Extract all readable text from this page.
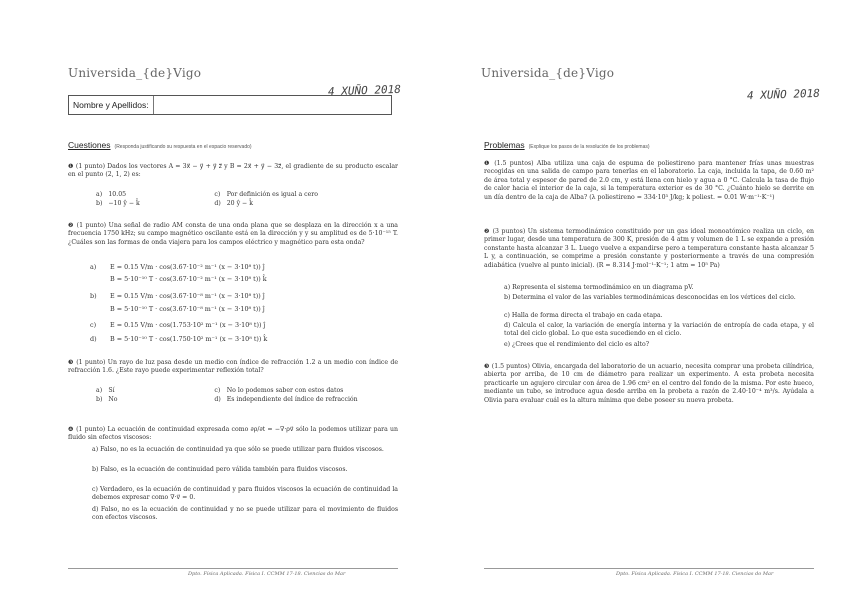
Universida_{de}Vigo
4 XUÑO 2018
Nombre y Apellidos:
Cuestiones (Responda justificando su respuesta en el espacio reservado)
❶ (1 punto) Dados los vectores A = 3x⃗ − y⃗ + y⃗ z⃗ y B = 2x⃗ + y⃗ − 3z⃗, el gradiente de su producto escalar en el punto (2, 1, 2) es:
a)	10.05	c)	Por definición es igual a cero
b)	−10 ŷ − k̂	d)	20 ŷ − k̂
❷ (1 punto) Una señal de radio AM consta de una onda plana que se desplaza en la dirección x a una frecuencia 1750 kHz; su campo magnético oscilante está en la dirección y y su amplitud es de 5·10⁻¹⁵ T. ¿Cuáles son las formas de onda viajera para los campos eléctrico y magnético para esta onda?
a) E = 0.15 V/m · cos(3.67·10⁻² m⁻¹ (x − 3·10⁸ t)) ĵ
B = 5·10⁻¹⁰ T · cos(3.67·10⁻² m⁻¹ (x − 3·10⁸ t)) k̂
b) E = 0.15 V/m · cos(3.67·10⁻⁸ m⁻¹ (x − 3·10⁸ t)) ĵ
B = 5·10⁻¹⁰ T · cos(3.67·10⁻⁸ m⁻¹ (x − 3·10⁸ t)) ĵ
c) E = 0.15 V/m · cos(1.753·10² m⁻¹ (x − 3·10⁸ t)) ĵ
d) B = 5·10⁻¹⁰ T · cos(1.750·10² m⁻¹ (x − 3·10⁸ t)) k̂
❸ (1 punto) Un rayo de luz pasa desde un medio con índice de refracción 1.2 a un medio con índice de refracción 1.6. ¿Este rayo puede experimentar reflexión total?
a)	Sí	c)	No lo podemos saber con estos datos
b)	No	d)	Es independiente del índice de refracción
❹ (1 punto) La ecuación de continuidad expresada como ∂ρ/∂t = −∇·ρv⃗ sólo la podemos utilizar para un fluido sin efectos viscosos:
a) Falso, no es la ecuación de continuidad ya que sólo se puede utilizar para fluidos viscosos.
b) Falso, es la ecuación de continuidad pero válida también para fluidos viscosos.
c) Verdadero, es la ecuación de continuidad y para fluidos viscosos la ecuación de continuidad la debemos expresar como ∇·v⃗ = 0.
d) Falso, no es la ecuación de continuidad y no se puede utilizar para el movimiento de fluidos con efectos viscosos.
Dpto. Física Aplicada. Física I. CCMM 17-18. Ciencias do Mar
Universida_{de}Vigo
4 XUÑO 2018
Problemas (Explique los pasos de la resolución de los problemas)
❶ (1.5 puntos) Alba utiliza una caja de espuma de poliestireno para mantener frías unas muestras recogidas en una salida de campo para tenerlas en el laboratorio. La caja, incluida la tapa, de 0.60 m² de área total y espesor de pared de 2.0 cm, y está llena con hielo y agua a 0 °C. Calcula la tasa de flujo de calor hacia el interior de la caja, si la temperatura exterior es de 30 °C. ¿Cuánto hielo se derrite en un día dentro de la caja de Alba? (λ poliestireno = 334·10³ J/kg; k poliest. = 0.01 W·m⁻¹·K⁻¹)
❷ (3 puntos) Un sistema termodinámico constituido por un gas ideal monoatómico realiza un ciclo, en primer lugar, desde una temperatura de 300 K, presión de 4 atm y volumen de 1 L se expande a presión constante hasta alcanzar 3 L. Luego vuelve a expandirse pero a temperatura constante hasta alcanzar 5 L y, a continuación, se comprime a presión constante y posteriormente a través de una compresión adiabática (vuelve al punto inicial). (R = 8.314 J·mol⁻¹·K⁻¹; 1 atm = 10⁵ Pa)
a) Representa el sistema termodinámico en un diagrama pV.
b) Determina el valor de las variables termodinámicas desconocidas en los vértices del ciclo.
c) Halla de forma directa el trabajo en cada etapa.
d) Calcula el calor, la variación de energía interna y la variación de entropía de cada etapa, y el total del ciclo global. Lo que esta sucediendo en el ciclo.
e) ¿Crees que el rendimiento del ciclo es alto?
❸ (1.5 puntos) Olivia, encargada del laboratorio de un acuario, necesita comprar una probeta cilíndrica, abierta por arriba, de 10 cm de diámetro para realizar un experimento. A esta probeta necesita practicarle un agujero circular con área de 1.96 cm² en el centro del fondo de la misma. Por este hueco, mediante un tubo, se introduce agua desde arriba en la probeta a razón de 2.40·10⁻⁴ m³/s. Ayúdala a Olivia para evaluar cuál es la altura mínima que debe poseer su nueva probeta.
Dpto. Física Aplicada. Física I. CCMM 17-18. Ciencias do Mar
